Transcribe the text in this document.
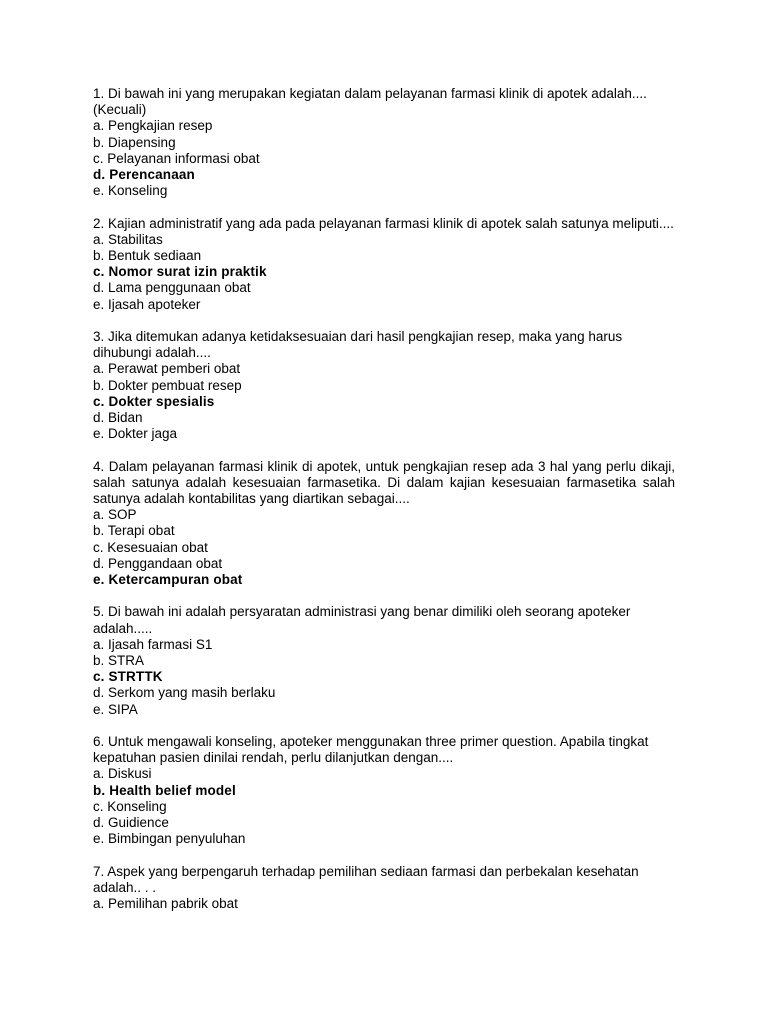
1. Di bawah ini yang merupakan kegiatan dalam pelayanan farmasi klinik di apotek adalah....(Kecuali)

a. Pengkajian resep

b. Diapensing

c. Pelayanan informasi obat

d. Perencanaan

e. Konseling

2. Kajian administratif yang ada pada pelayanan farmasi klinik di apotek salah satunya meliputi....

a. Stabilitas

b. Bentuk sediaan

c. Nomor surat izin praktik

d. Lama penggunaan obat

e. Ijasah apoteker

3. Jika ditemukan adanya ketidaksesuaian dari hasil pengkajian resep, maka yang harus dihubungi adalah....

a. Perawat pemberi obat

b. Dokter pembuat resep

c. Dokter spesialis

d. Bidan

e. Dokter jaga

4. Dalam pelayanan farmasi klinik di apotek, untuk pengkajian resep ada 3 hal yang perlu dikaji, salah satunya adalah kesesuaian farmasetika. Di dalam kajian kesesuaian farmasetika salah satunya adalah kontabilitas yang diartikan sebagai....

a. SOP

b. Terapi obat

c. Kesesuaian obat

d. Penggandaan obat

e. Ketercampuran obat

5. Di bawah ini adalah persyaratan administrasi yang benar dimiliki oleh seorang apoteker adalah.....

a. Ijasah farmasi S1

b. STRA

c. STRTTK

d. Serkom yang masih berlaku

e. SIPA

6. Untuk mengawali konseling, apoteker menggunakan three primer question. Apabila tingkat kepatuhan pasien dinilai rendah, perlu dilanjutkan dengan....

a. Diskusi

b. Health belief model

c. Konseling

d. Guidience

e. Bimbingan penyuluhan

7. Aspek yang berpengaruh terhadap pemilihan sediaan farmasi dan perbekalan kesehatan adalah.. . .

a. Pemilihan pabrik obat
